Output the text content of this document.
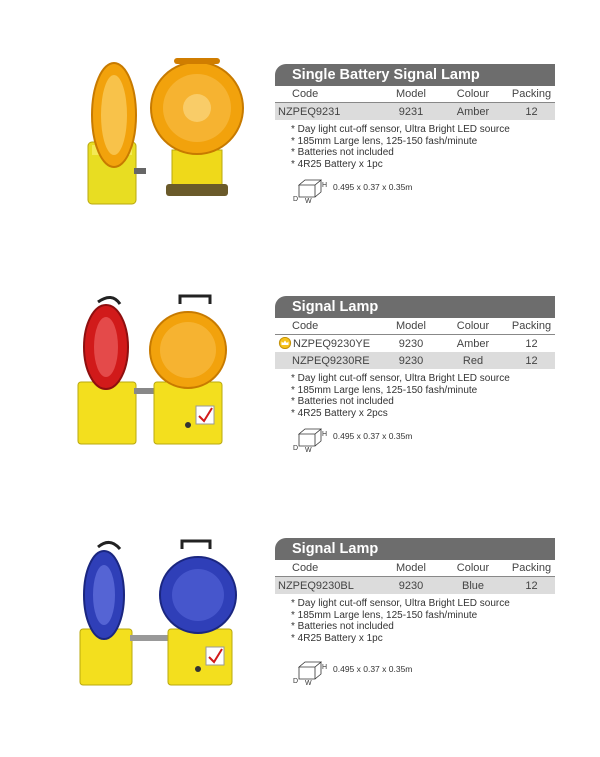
Single Battery Signal Lamp
Code	Model	Colour	Packing
NZPEQ9231	9231	Amber	12
* Day light cut-off sensor, Ultra Bright LED source
* 185mm Large lens, 125-150 fash/minute
* Batteries not included
* 4R25 Battery x 1pc
D W
H 0.495 x 0.37 x 0.35m
Signal Lamp
Code	Model	Colour	Packing
NZPEQ9230YE	9230	Amber	12
NZPEQ9230RE	9230	Red	12
* Day light cut-off sensor, Ultra Bright LED source
* 185mm Large lens, 125-150 fash/minute
* Batteries not included
* 4R25 Battery x 2pcs
D W
H 0.495 x 0.37 x 0.35m
Signal Lamp
Code	Model	Colour	Packing
NZPEQ9230BL	9230	Blue	12
* Day light cut-off sensor, Ultra Bright LED source
* 185mm Large lens, 125-150 fash/minute
* Batteries not included
* 4R25 Battery x 1pc
D W
H 0.495 x 0.37 x 0.35m
